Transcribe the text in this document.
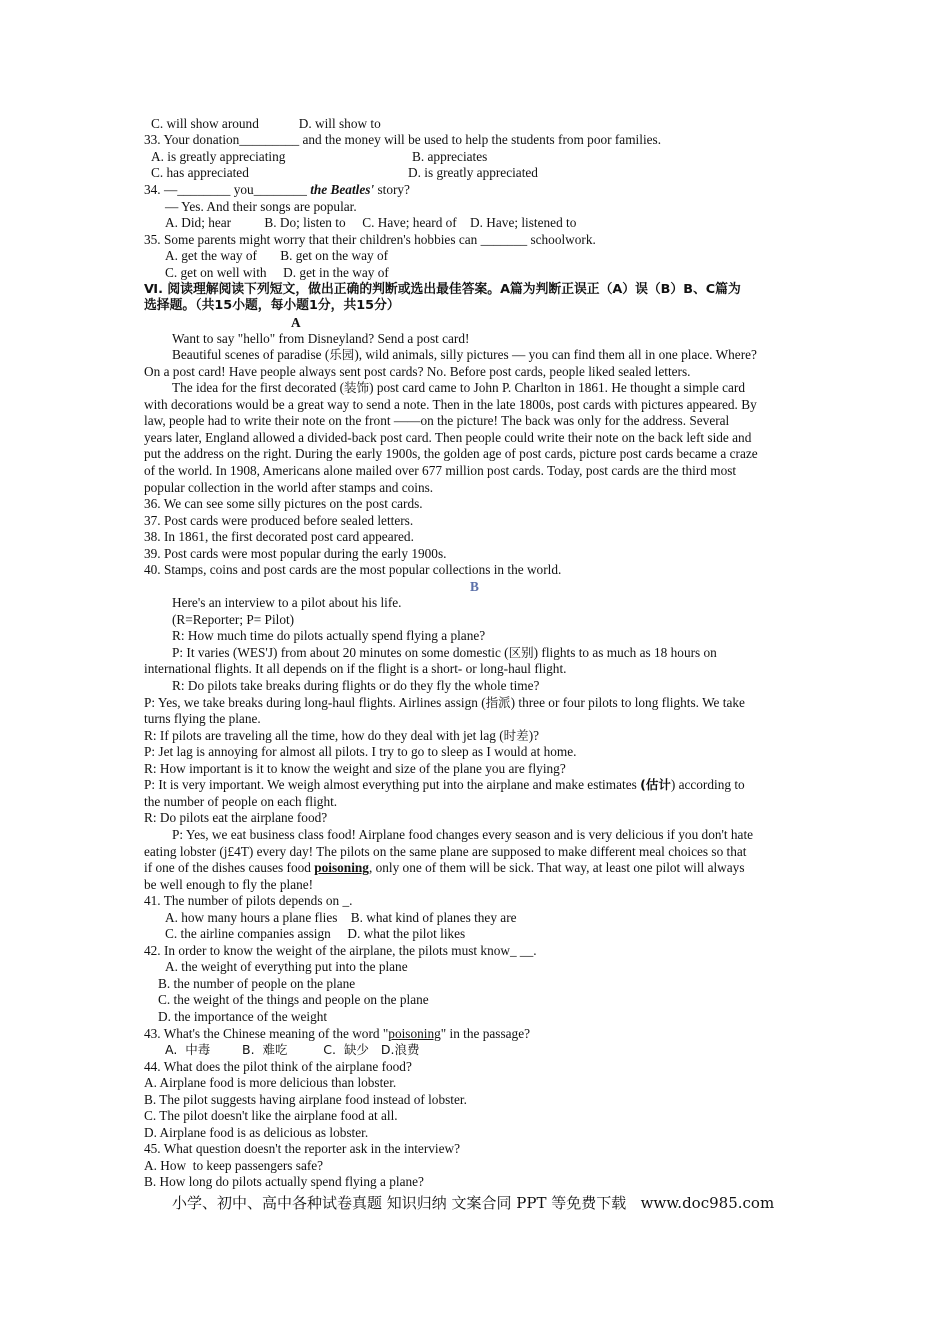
C. will show around            D. will show to
33. Your donation_________ and the money will be used to help the students from poor families.
A. is greatly appreciating	B. appreciates
C. has appreciated	D. is greatly appreciated
34. —________ you________ the Beatles' story?
— Yes. And their songs are popular.
A. Did; hear          B. Do; listen to     C. Have; heard of    D. Have; listened to
35. Some parents might worry that their children's hobbies can _______ schoolwork.
A. get the way of       B. get on the way of
C. get on well with     D. get in the way of
Ⅵ. 阅读理解阅读下列短文，做出正确的判断或选出最佳答案。A篇为判断正误正（A）误（B）B、C篇为
选择题。（共15小题，每小题1分，共15分）
A
Want to say "hello" from Disneyland? Send a post card!
Beautiful scenes of paradise (乐园), wild animals, silly pictures — you can find them all in one place. Where?
On a post card! Have people always sent post cards? No. Before post cards, people liked sealed letters.
The idea for the first decorated (装饰) post card came to John P. Charlton in 1861. He thought a simple card
with decorations would be a great way to send a note. Then in the late 1800s, post cards with pictures appeared. By
law, people had to write their note on the front ——on the picture! The back was only for the address. Several
years later, England allowed a divided-back post card. Then people could write their note on the back left side and
put the address on the right. During the early 1900s, the golden age of post cards, picture post cards became a craze
of the world. In 1908, Americans alone mailed over 677 million post cards. Today, post cards are the third most
popular collection in the world after stamps and coins.
36. We can see some silly pictures on the post cards.
37. Post cards were produced before sealed letters.
38. In 1861, the first decorated post card appeared.
39. Post cards were most popular during the early 1900s.
40. Stamps, coins and post cards are the most popular collections in the world.
B
Here's an interview to a pilot about his life.
(R=Reporter; P= Pilot)
R: How much time do pilots actually spend flying a plane?
P: It varies (WES'J) from about 20 minutes on some domestic (区别) flights to as much as 18 hours on
international flights. It all depends on if the flight is a short- or long-haul flight.
R: Do pilots take breaks during flights or do they fly the whole time?
P: Yes, we take breaks during long-haul flights. Airlines assign (指派) three or four pilots to long flights. We take
turns flying the plane.
R: If pilots are traveling all the time, how do they deal with jet lag (时差)?
P: Jet lag is annoying for almost all pilots. I try to go to sleep as I would at home.
R: How important is it to know the weight and size of the plane you are flying?
P: It is very important. We weigh almost everything put into the airplane and make estimates (估计) according to
the number of people on each flight.
R: Do pilots eat the airplane food?
P: Yes, we eat business class food! Airplane food changes every season and is very delicious if you don't hate
eating lobster (j£4T) every day! The pilots on the same plane are supposed to make different meal choices so that
if one of the dishes causes food poisoning, only one of them will be sick. That way, at least one pilot will always
be well enough to fly the plane!
41. The number of pilots depends on _.
A. how many hours a plane flies    B. what kind of planes they are
C. the airline companies assign     D. what the pilot likes
42. In order to know the weight of the airplane, the pilots must know_ __.
A. the weight of everything put into the plane
B. the number of people on the plane
C. the weight of the things and people on the plane
D. the importance of the weight
43. What's the Chinese meaning of the word "poisoning" in the passage?
A.  中毒        B.  难吃         C.  缺少   D.浪费
44. What does the pilot think of the airplane food?
A. Airplane food is more delicious than lobster.
B. The pilot suggests having airplane food instead of lobster.
C. The pilot doesn't like the airplane food at all.
D. Airplane food is as delicious as lobster.
45. What question doesn't the reporter ask in the interview?
A. How  to keep passengers safe?
B. How long do pilots actually spend flying a plane?
小学、初中、高中各种试卷真题 知识归纳 文案合同 PPT 等免费下载   www.doc985.com
